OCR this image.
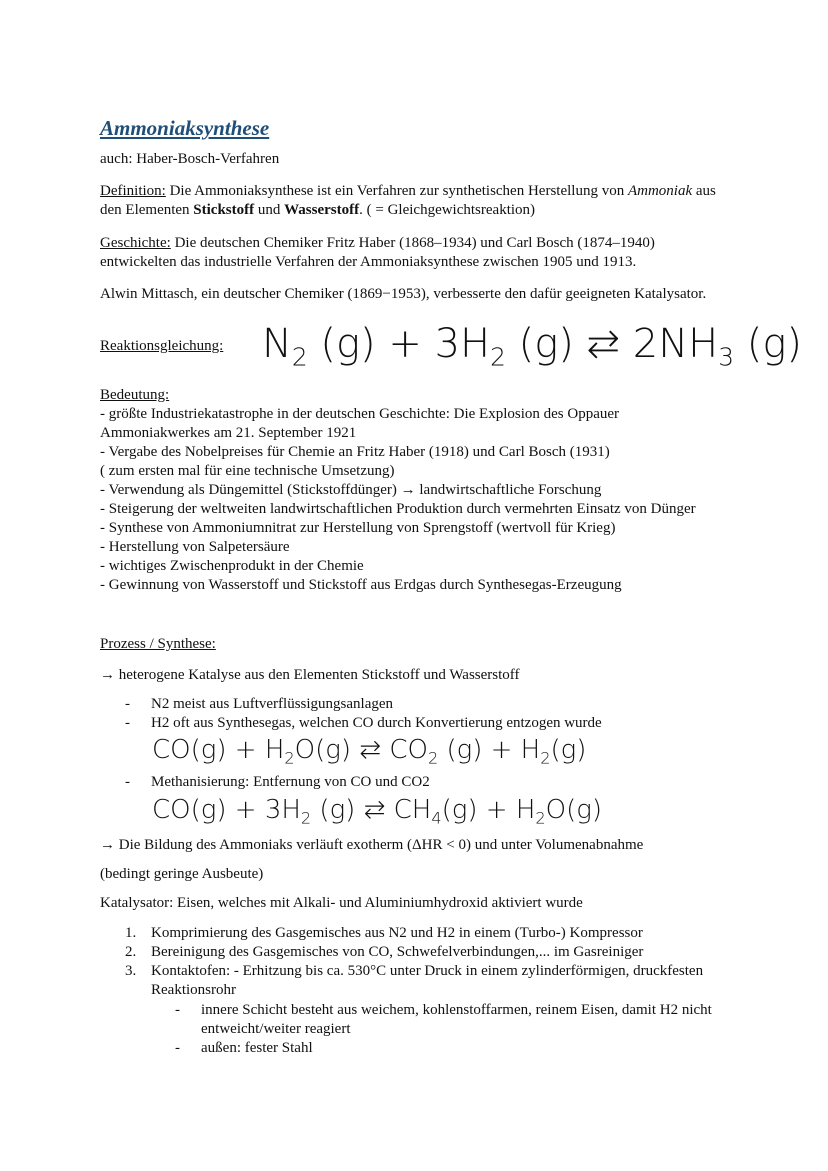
Ammoniaksynthese

auch: Haber-Bosch-Verfahren

Definition: Die Ammoniaksynthese ist ein Verfahren zur synthetischen Herstellung von Ammoniak aus den Elementen Stickstoff und Wasserstoff. ( = Gleichgewichtsreaktion)

Geschichte: Die deutschen Chemiker Fritz Haber (1868–1934) und Carl Bosch (1874–1940) entwickelten das industrielle Verfahren der Ammoniaksynthese zwischen 1905 und 1913.

Alwin Mittasch, ein deutscher Chemiker (1869−1953), verbesserte den dafür geeigneten Katalysator.

Reaktionsgleichung: $N_2$ $(g) + 3H_2$ (g) ⇄ $2NH_3$ (g)

Bedeutung:
- größte Industriekatastrophe in der deutschen Geschichte: Die Explosion des Oppauer Ammoniakwerkes am 21. September 1921
- Vergabe des Nobelpreises für Chemie an Fritz Haber (1918) und Carl Bosch (1931)
( zum ersten mal für eine technische Umsetzung)
- Verwendung als Düngemittel (Stickstoffdünger) → landwirtschaftliche Forschung
- Steigerung der weltweiten landwirtschaftlichen Produktion durch vermehrten Einsatz von Dünger
- Synthese von Ammoniumnitrat zur Herstellung von Sprengstoff (wertvoll für Krieg)
- Herstellung von Salpetersäure
- wichtiges Zwischenprodukt in der Chemie
- Gewinnung von Wasserstoff und Stickstoff aus Erdgas durch Synthesegas-Erzeugung

Prozess / Synthese:

→ heterogene Katalyse aus den Elementen Stickstoff und Wasserstoff

- N2 meist aus Luftverflüssigungsanlagen
- H2 oft aus Synthesegas, welchen CO durch Konvertierung entzogen wurde

$CO(g) + H_2O(g)$ ⇄ $CO_2$ $(g) + H_2(g)$

- Methanisierung: Entfernung von CO und CO2

$CO(g) + 3H_2$ (g) ⇄ $CH_4(g) + H_2O(g)$

→ Die Bildung des Ammoniaks verläuft exotherm (ΔHR < 0) und unter Volumenabnahme

(bedingt geringe Ausbeute)

Katalysator: Eisen, welches mit Alkali- und Aluminiumhydroxid aktiviert wurde

1. Komprimierung des Gasgemisches aus N2 und H2 in einem (Turbo-) Kompressor
2. Bereinigung des Gasgemisches von CO, Schwefelverbindungen,... im Gasreiniger
3. Kontaktofen: - Erhitzung bis ca. 530°C unter Druck in einem zylinderförmigen, druckfesten Reaktionsrohr
- innere Schicht besteht aus weichem, kohlenstoffarmen, reinem Eisen, damit H2 nicht entweicht/weiter reagiert
- außen: fester Stahl
